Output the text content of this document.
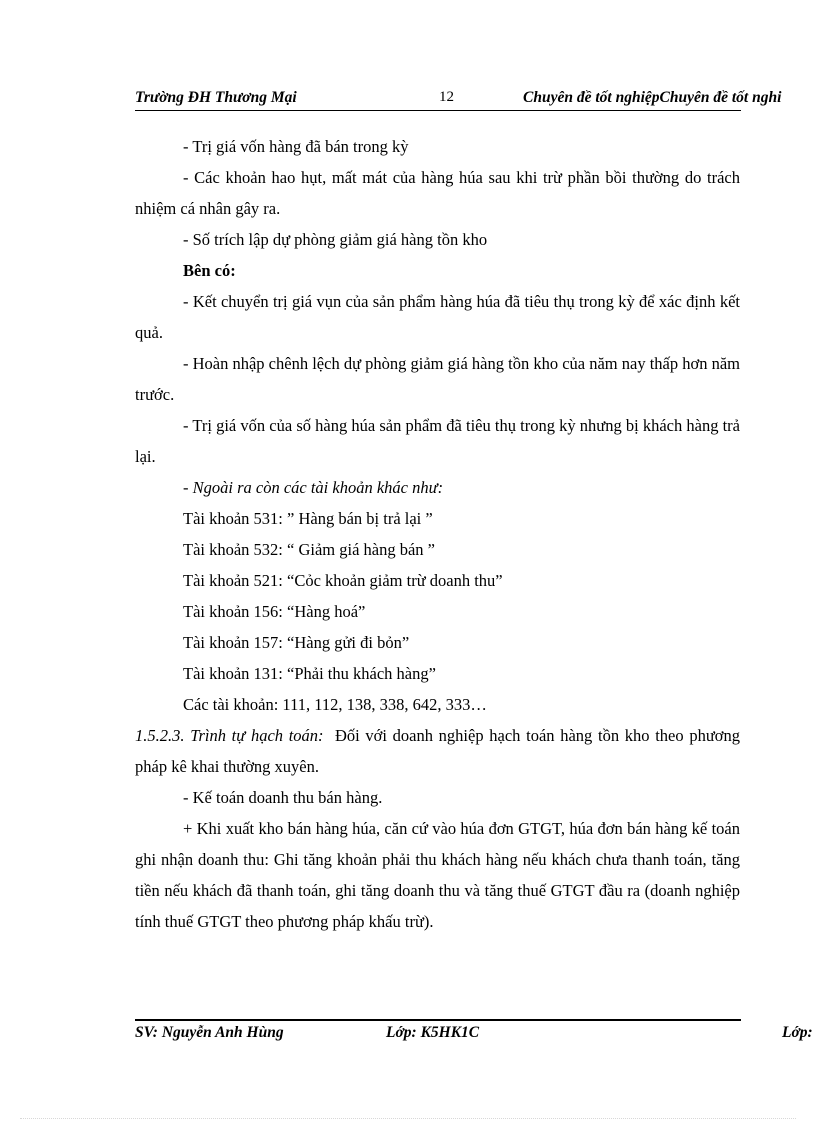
Trường ĐH Thương Mại	12	Chuyên đề tốt nghiệpChuyên đề tốt nghi

- Trị giá vốn hàng đã bán trong kỳ

- Các khoản hao hụt, mất mát của hàng húa sau khi trừ phần bồi thường do trách nhiệm cá nhân gây ra.

- Số trích lập dự phòng giảm giá hàng tồn kho

Bên có:

- Kết chuyển trị giá vụn của sản phẩm hàng húa đã tiêu thụ trong kỳ để xác định kết quả.

- Hoàn nhập chênh lệch dự phòng giảm giá hàng tồn kho của năm nay thấp hơn năm trước.

- Trị giá vốn của số hàng húa sản phẩm đã tiêu thụ trong kỳ nhưng bị khách hàng trả lại.

- Ngoài ra còn các tài khoản khác như:

Tài khoản 531: ” Hàng bán bị trả lại ”

Tài khoản 532: “ Giảm giá hàng bán ”

Tài khoản 521: “Cỏc khoản giảm trừ doanh thu”

Tài khoản 156: “Hàng hoá”

Tài khoản 157: “Hàng gửi đi bỏn”

Tài khoản 131: “Phải thu khách hàng”

Các tài khoản: 111, 112, 138, 338, 642, 333…

1.5.2.3. Trình tự hạch toán: Đối với doanh nghiệp hạch toán hàng tồn kho theo phương pháp kê khai thường xuyên.

- Kế toán doanh thu bán hàng.

+ Khi xuất kho bán hàng húa, căn cứ vào húa đơn GTGT, húa đơn bán hàng kế toán ghi nhận doanh thu: Ghi tăng khoản phải thu khách hàng nếu khách chưa thanh toán, tăng tiền nếu khách đã thanh toán, ghi tăng doanh thu và tăng thuế GTGT đầu ra (doanh nghiệp tính thuế GTGT theo phương pháp khấu trừ).

SV: Nguyễn Anh Hùng	Lớp: K5HK1C	Lớp:
